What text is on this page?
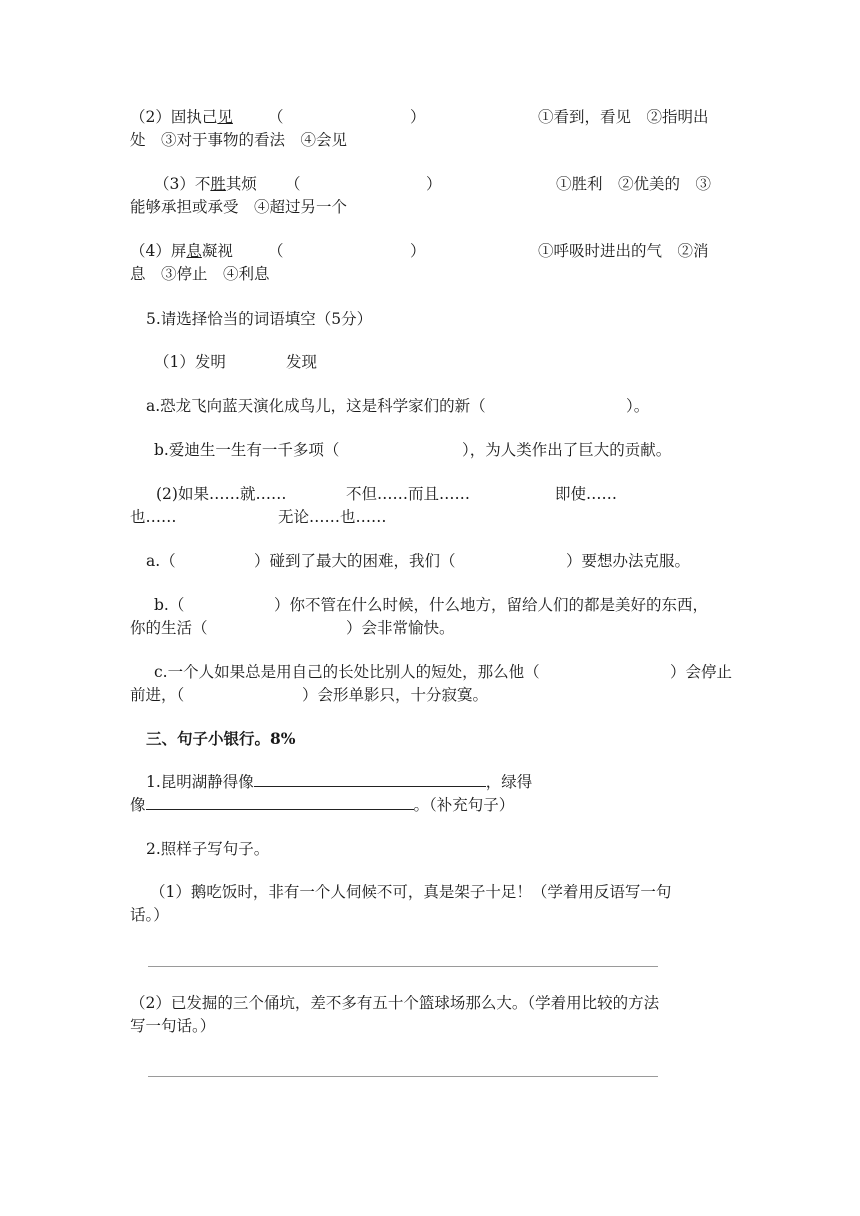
（2）固执己见 （	）	①看到，看见　②指明出
处　③对于事物的看法　④会见
（3）不胜其烦 （	）	①胜利　②优美的　③
能够承担或承受　④超过另一个
（4）屏息凝视 （	）	①呼吸时进出的气　②消
息　③停止　④利息
5.请选择恰当的词语填空（5分）
（1）发明	发现
a.恐龙飞向蓝天演化成鸟儿，这是科学家们的新（	）。
b.爱迪生一生有一千多项（	），为人类作出了巨大的贡献。
(2)如果……就……	不但……而且……	即使……
也……	无论……也……
a.（	）碰到了最大的困难，我们（	）要想办法克服。
b.（	）你不管在什么时候，什么地方，留给人们的都是美好的东西，
你的生活（	）会非常愉快。
c.一个人如果总是用自己的长处比别人的短处，那么他（	）会停止
前进，（	）会形单影只，十分寂寞。
三、句子小银行。8%
1.昆明湖静得像	，绿得
像	。（补充句子）
2.照样子写句子。
（1）鹅吃饭时，非有一个人伺候不可，真是架子十足！（学着用反语写一句
话。）
（2）已发掘的三个俑坑，差不多有五十个篮球场那么大。（学着用比较的方法
写一句话。）
